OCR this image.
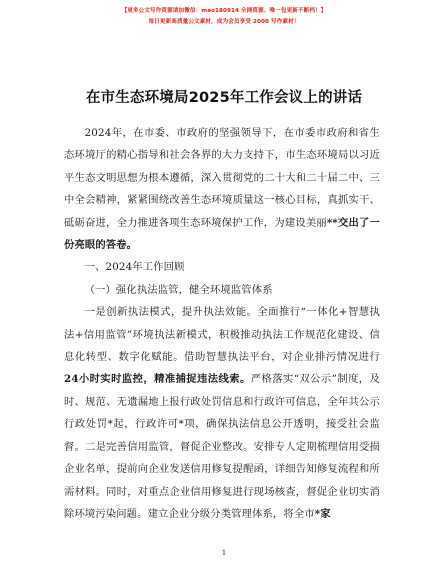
【更多公文写作资源请加微信：mao180914 全网资源、唯一包更新不断档！】
每日更新高质量公文素材，成为会员享受 2000 写作素材！
在市生态环境局2025年工作会议上的讲话

2024年，在市委、市政府的坚强领导下，在市委市政府和省生态环境厅的精心指导和社会各界的大力支持下，市生态环境局以习近平生态文明思想为根本遵循，深入贯彻党的二十大和二十届二中、三中全会精神，紧紧围绕改善生态环境质量这一核心目标，真抓实干、砥砺奋进，全力推进各项生态环境保护工作，为建设美丽**交出了一份亮眼的答卷。

一、2024年工作回顾

（一）强化执法监管，健全环境监管体系

一是创新执法模式，提升执法效能。全面推行“一体化+智慧执法+信用监管”环境执法新模式，积极推动执法工作规范化建设、信息化转型、数字化赋能。借助智慧执法平台，对企业排污情况进行24小时实时监控，精准捕捉违法线索。严格落实“双公示”制度，及时、规范、无遗漏地上报行政处罚信息和行政许可信息，全年共公示行政处罚*起，行政许可*项，确保执法信息公开透明，接受社会监督。二是完善信用监管，督促企业整改。安排专人定期梳理信用受损企业名单，提前向企业发送信用修复提醒函，详细告知修复流程和所需材料。同时，对重点企业信用修复进行现场核查，督促企业切实消除环境污染问题。建立企业分级分类管理体系，将全市*家

1
